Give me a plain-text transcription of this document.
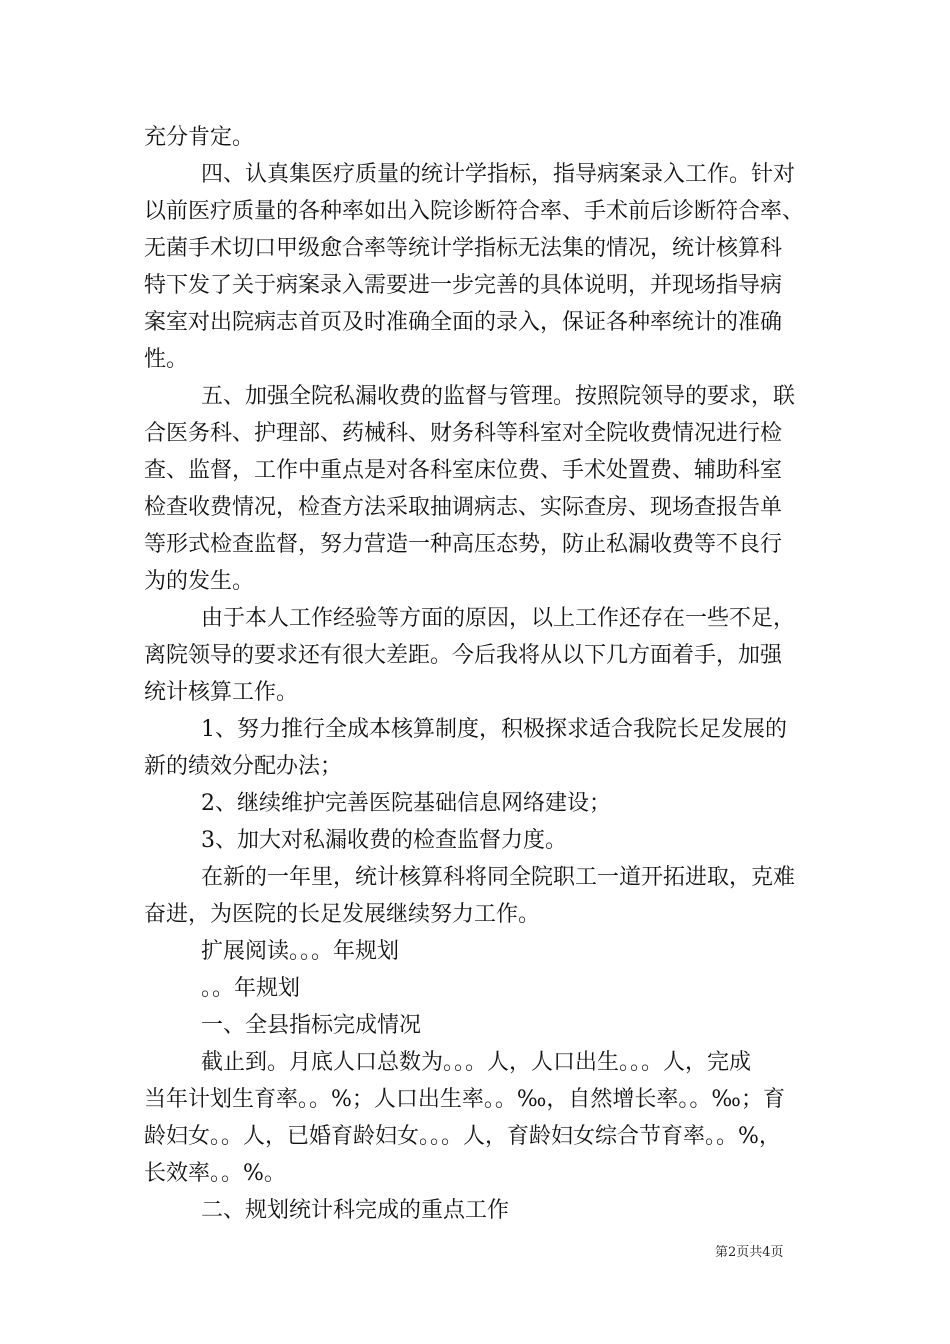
充分肯定。
四、认真集医疗质量的统计学指标，指导病案录入工作。针对
以前医疗质量的各种率如出入院诊断符合率、手术前后诊断符合率、
无菌手术切口甲级愈合率等统计学指标无法集的情况，统计核算科
特下发了关于病案录入需要进一步完善的具体说明，并现场指导病
案室对出院病志首页及时准确全面的录入，保证各种率统计的准确
性。
五、加强全院私漏收费的监督与管理。按照院领导的要求，联
合医务科、护理部、药械科、财务科等科室对全院收费情况进行检
查、监督，工作中重点是对各科室床位费、手术处置费、辅助科室
检查收费情况，检查方法采取抽调病志、实际查房、现场查报告单
等形式检查监督，努力营造一种高压态势，防止私漏收费等不良行
为的发生。
由于本人工作经验等方面的原因，以上工作还存在一些不足，
离院领导的要求还有很大差距。今后我将从以下几方面着手，加强
统计核算工作。
1、努力推行全成本核算制度，积极探求适合我院长足发展的
新的绩效分配办法；
2、继续维护完善医院基础信息网络建设；
3、加大对私漏收费的检查监督力度。
在新的一年里，统计核算科将同全院职工一道开拓进取，克难
奋进，为医院的长足发展继续努力工作。
扩展阅读。。。年规划
。。年规划
一、全县指标完成情况
截止到。月底人口总数为。。。人，人口出生。。。人，完成
当年计划生育率。。%；人口出生率。。‰，自然增长率。。‰；育
龄妇女。。人，已婚育龄妇女。。。人，育龄妇女综合节育率。。%，
长效率。。%。
二、规划统计科完成的重点工作
第2页共4页
